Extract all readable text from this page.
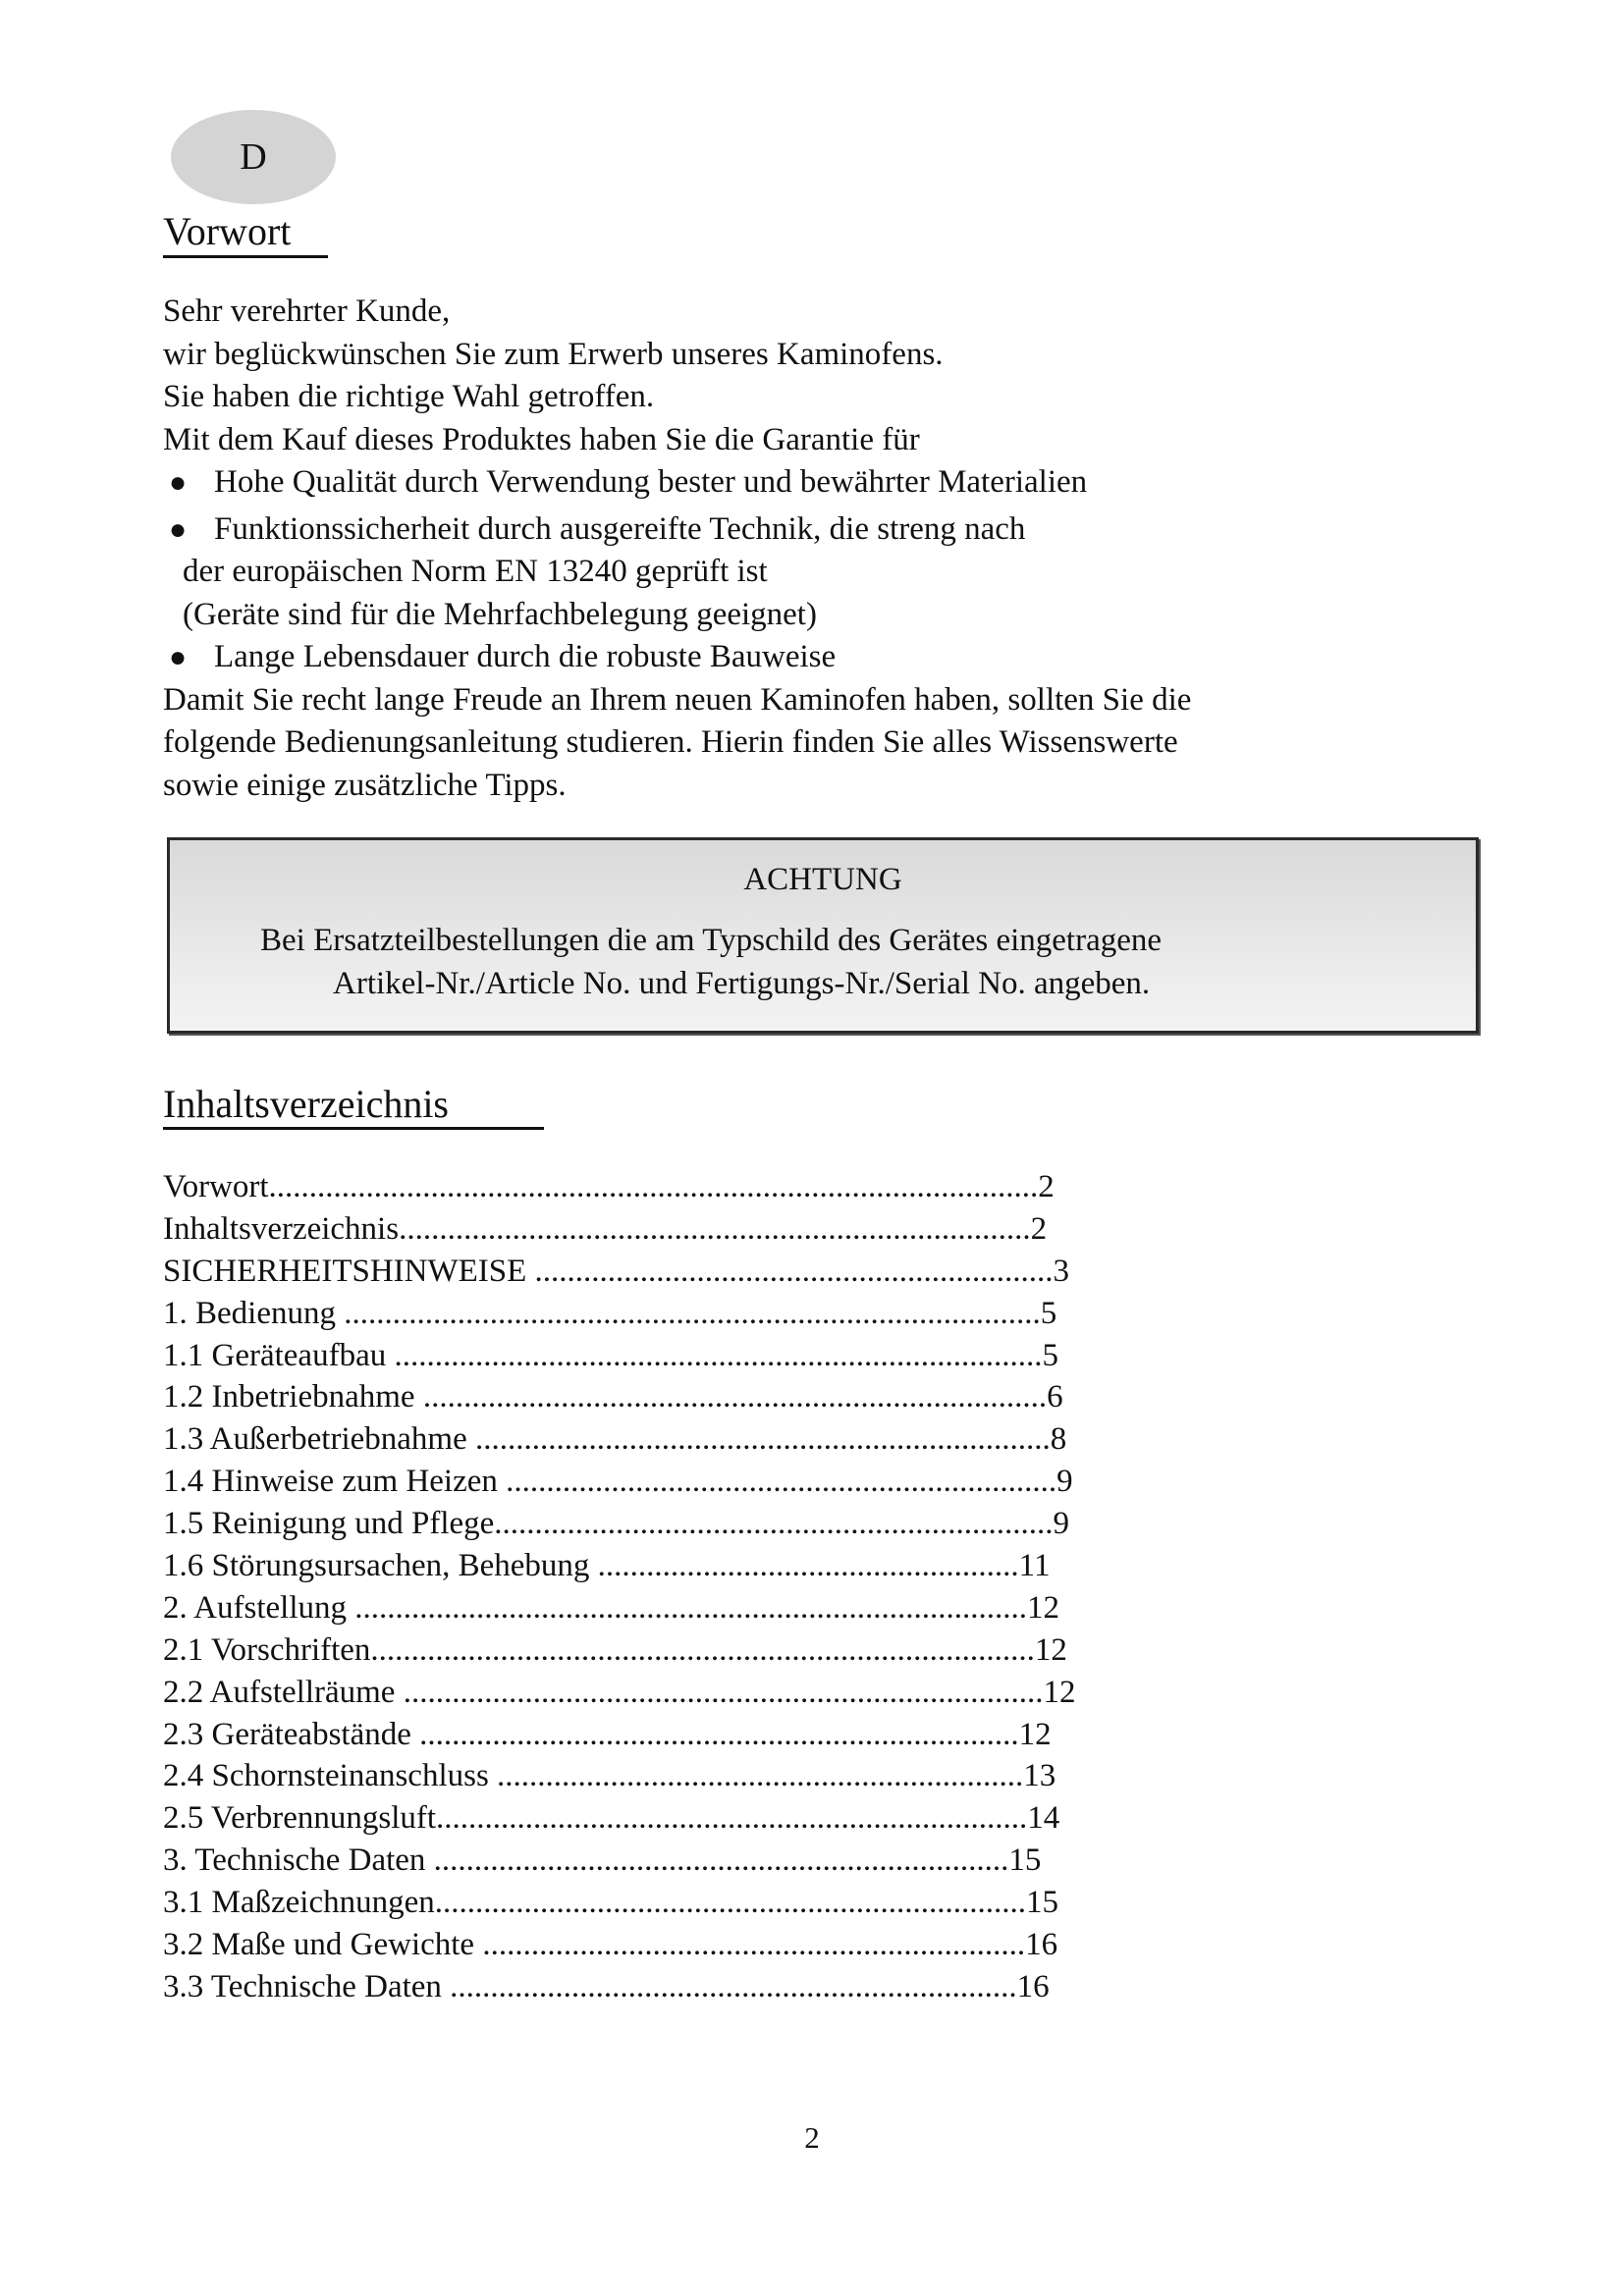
D
Vorwort

Sehr verehrter Kunde,

wir beglückwünschen Sie zum Erwerb unseres Kaminofens.

Sie haben die richtige Wahl getroffen.

Mit dem Kauf dieses Produktes haben Sie die Garantie für

● Hohe Qualität durch Verwendung bester und bewährter Materialien
● Funktionssicherheit durch ausgereifte Technik, die streng nach
der europäischen Norm EN 13240 geprüft ist
(Geräte sind für die Mehrfachbelegung geeignet)
● Lange Lebensdauer durch die robuste Bauweise

Damit Sie recht lange Freude an Ihrem neuen Kaminofen haben, sollten Sie die

folgende Bedienungsanleitung studieren. Hierin finden Sie alles Wissenswerte

sowie einige zusätzliche Tipps.

ACHTUNG
Bei Ersatzteilbestellungen die am Typschild des Gerätes eingetragene
Artikel-Nr./Article No. und Fertigungs-Nr./Serial No. angeben.
Inhaltsverzeichnis
Vorwort...............................................................................................2
Inhaltsverzeichnis..............................................................................2
SICHERHEITSHINWEISE ................................................................3
1. Bedienung ......................................................................................5
1.1 Geräteaufbau ................................................................................5
1.2 Inbetriebnahme .............................................................................6
1.3 Außerbetriebnahme .......................................................................8
1.4 Hinweise zum Heizen ....................................................................9
1.5 Reinigung und Pflege.....................................................................9
1.6 Störungsursachen, Behebung ....................................................11
2. Aufstellung ...................................................................................12
2.1 Vorschriften..................................................................................12
2.2 Aufstellräume ...............................................................................12
2.3 Geräteabstände ..........................................................................12
2.4 Schornsteinanschluss .................................................................13
2.5 Verbrennungsluft.........................................................................14
3. Technische Daten .......................................................................15
3.1 Maßzeichnungen.........................................................................15
3.2 Maße und Gewichte ...................................................................16
3.3 Technische Daten ......................................................................16
2
